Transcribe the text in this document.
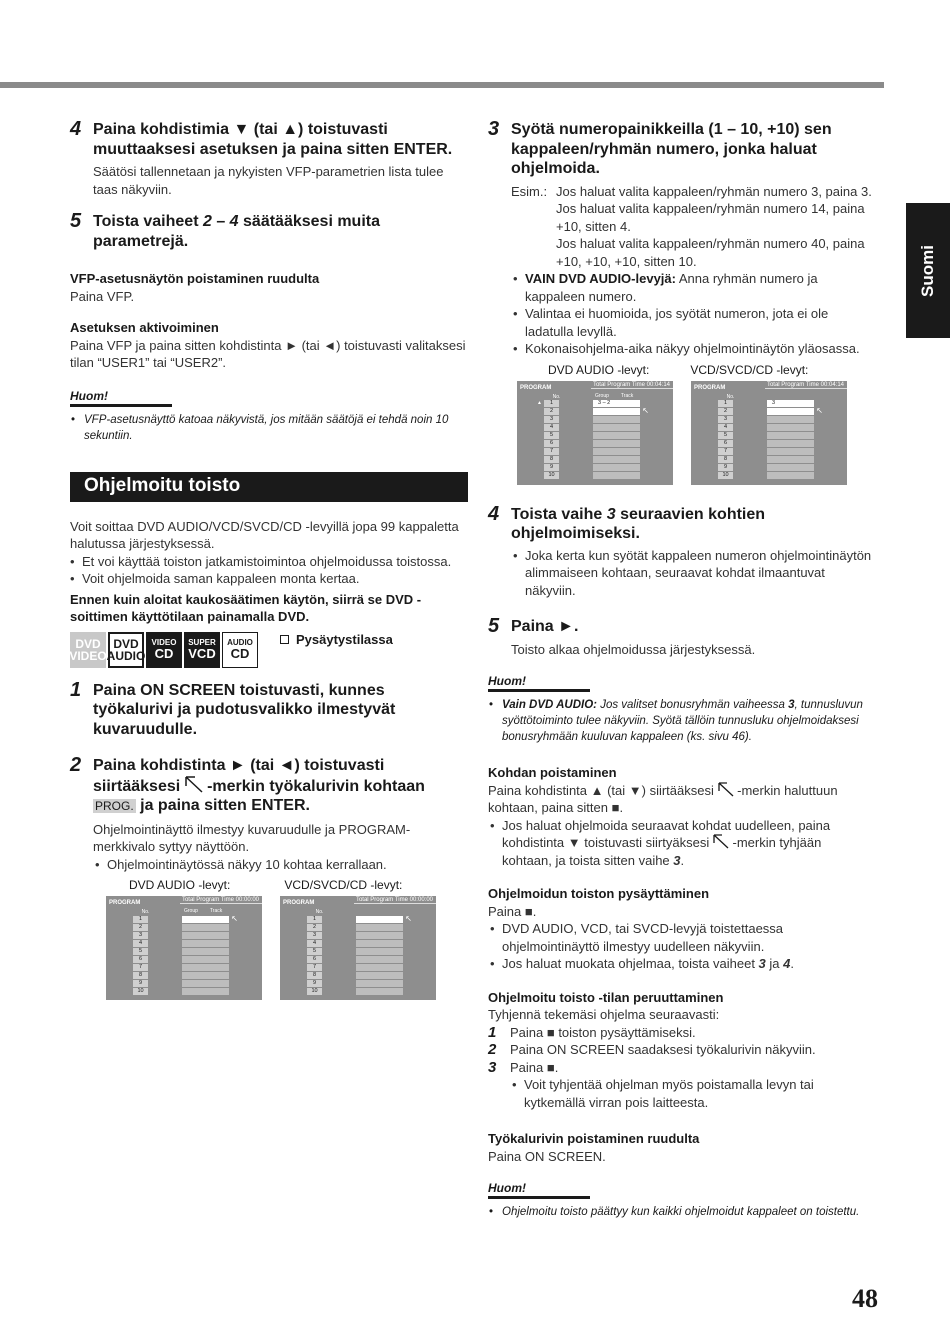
Suomi
48
4 Paina kohdistimia ▼ (tai ▲) toistuvasti muuttaaksesi asetuksen ja paina sitten ENTER.
Säätösi tallennetaan ja nykyisten VFP-parametrien lista tulee taas näkyviin.
5 Toista vaiheet 2 – 4 säätääksesi muita parametrejä.
VFP-asetusnäytön poistaminen ruudulta
Paina VFP.
Asetuksen aktivoiminen
Paina VFP ja paina sitten kohdistinta ► (tai ◄) toistuvasti valitaksesi tilan “USER1” tai “USER2”.
Huom!
• VFP-asetusnäyttö katoaa näkyvistä, jos mitään säätöjä ei tehdä noin 10 sekuntiin.
Ohjelmoitu toisto
Voit soittaa DVD AUDIO/VCD/SVCD/CD -levyillä jopa 99 kappaletta halutussa järjestyksessä.
• Et voi käyttää toiston jatkamistoimintoa ohjelmoidussa toistossa.
• Voit ohjelmoida saman kappaleen monta kertaa.
Ennen kuin aloitat kaukosäätimen käytön, siirrä se DVD -soittimen käyttötilaan painamalla DVD.
DVD
VIDEO
DVD
AUDIO
VIDEO
CD
SUPER
VCD
AUDIO
CD
Pysäytystilassa
1 Paina ON SCREEN toistuvasti, kunnes työkalurivi ja pudotusvalikko ilmestyvät kuvaruudulle.
2 Paina kohdistinta ► (tai ◄) toistuvasti siirtääksesi -merkin työkalurivin kohtaan PROG. ja paina sitten ENTER.
Ohjelmointinäyttö ilmestyy kuvaruudulle ja PROGRAM-merkkivalo syttyy näyttöön.
• Ohjelmointinäytössä näkyy 10 kohtaa kerrallaan.
DVD AUDIO -levyt:	VCD/SVCD/CD -levyt:
PROGRAM	Total Program Time 00:00:00
No.	Group Track
1	↖
2
3
4
5
6
7
8
9
10
PROGRAM	Total Program Time 00:00:00
No.
1	↖
2
3
4
5
6
7
8
9
10
3 Syötä numeropainikkeilla (1 – 10, +10) sen kappaleen/ryhmän numero, jonka haluat ohjelmoida.
Esim.: Jos haluat valita kappaleen/ryhmän numero 3, paina 3.
Jos haluat valita kappaleen/ryhmän numero 14, paina +10, sitten 4.
Jos haluat valita kappaleen/ryhmän numero 40, paina +10, +10, +10, sitten 10.
• VAIN DVD AUDIO-levyjä: Anna ryhmän numero ja kappaleen numero.
• Valintaa ei huomioida, jos syötät numeron, jota ei ole ladatulla levyllä.
• Kokonaisohjelma-aika näkyy ohjelmointinäytön yläosassa.
DVD AUDIO -levyt:	VCD/SVCD/CD -levyt:
PROGRAM	Total Program Time 00:04:14
No.	Group Track
▲	1	3 – 2
2	↖
3
4
5
6
7
8
9
10
PROGRAM	Total Program Time 00:04:14
No.
1	3
2	↖
3
4
5
6
7
8
9
10
4 Toista vaihe 3 seuraavien kohtien ohjelmoimiseksi.
• Joka kerta kun syötät kappaleen numeron ohjelmointinäytön alimmaiseen kohtaan, seuraavat kohdat ilmaantuvat näkyviin.
5 Paina ►.
Toisto alkaa ohjelmoidussa järjestyksessä.
Huom!
• Vain DVD AUDIO: Jos valitset bonusryhmän vaiheessa 3, tunnusluvun syöttötoiminto tulee näkyviin. Syötä tällöin tunnusluku ohjelmoidaksesi bonusryhmään kuuluvan kappaleen (ks. sivu 46).
Kohdan poistaminen
Paina kohdistinta ▲ (tai ▼) siirtääksesi -merkin haluttuun kohtaan, paina sitten ■.
• Jos haluat ohjelmoida seuraavat kohdat uudelleen, paina kohdistinta ▼ toistuvasti siirtyäksesi -merkin tyhjään kohtaan, ja toista sitten vaihe 3.
Ohjelmoidun toiston pysäyttäminen
Paina ■.
• DVD AUDIO, VCD, tai SVCD-levyjä toistettaessa ohjelmointinäyttö ilmestyy uudelleen näkyviin.
• Jos haluat muokata ohjelmaa, toista vaiheet 3 ja 4.
Ohjelmoitu toisto -tilan peruuttaminen
Tyhjennä tekemäsi ohjelma seuraavasti:
1	Paina ■ toiston pysäyttämiseksi.
2	Paina ON SCREEN saadaksesi työkalurivin näkyviin.
3	Paina ■.
• Voit tyhjentää ohjelman myös poistamalla levyn tai kytkemällä virran pois laitteesta.
Työkalurivin poistaminen ruudulta
Paina ON SCREEN.
Huom!
• Ohjelmoitu toisto päättyy kun kaikki ohjelmoidut kappaleet on toistettu.
